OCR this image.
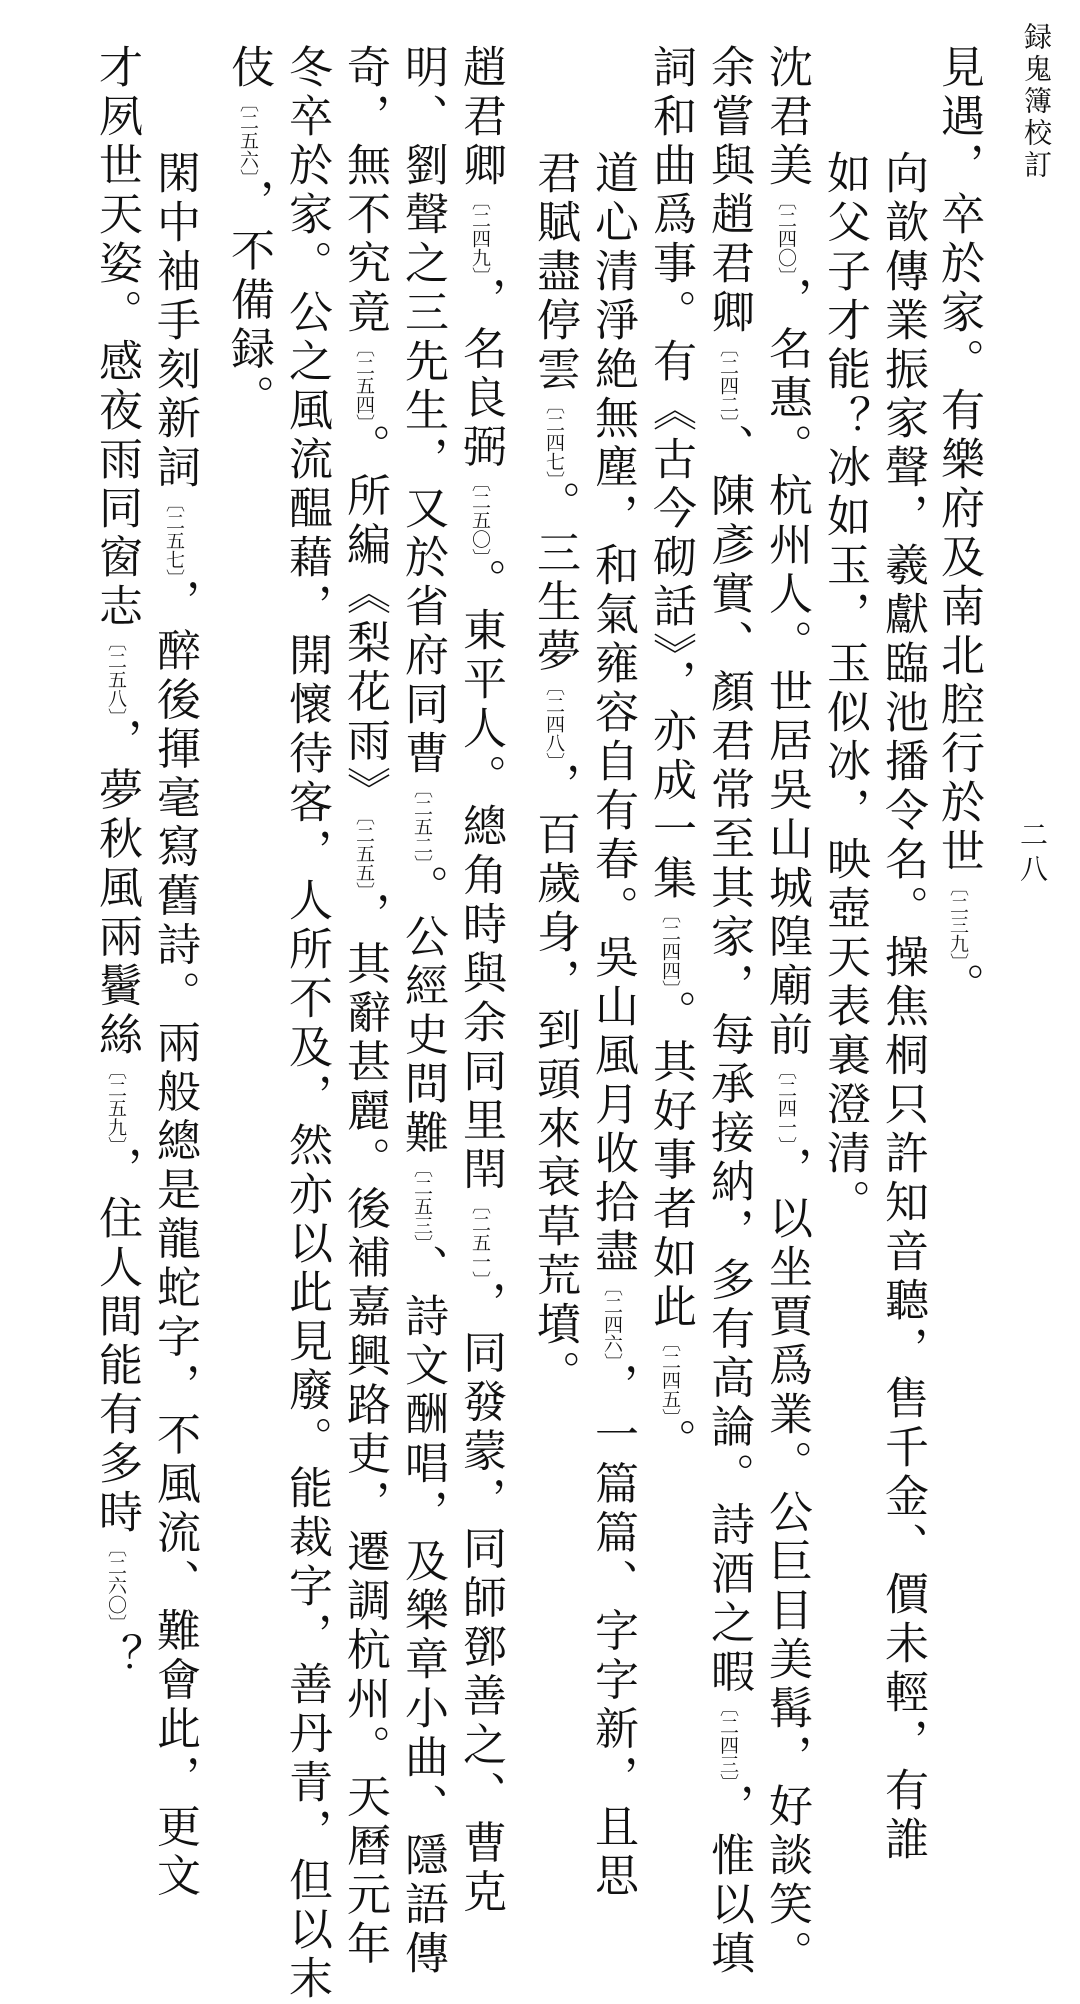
録鬼簿校訂
二八
見遇，卒於家。有樂府及南北腔行於世〔二三九〕。
向歆傳業振家聲，羲獻臨池播令名。操焦桐只許知音聽，售千金、價未輕，有誰
如父子才能？冰如玉，玉似冰，映壺天表裏澄清。
沈君美〔二四〇〕，名惠。杭州人。世居吳山城隍廟前〔二四一〕，以坐賈爲業。公巨目美髯，好談笑。
余嘗與趙君卿〔二四二〕、陳彥實、顏君常至其家，每承接納，多有高論。詩酒之暇〔二四三〕，惟以填
詞和曲爲事。有《古今砌話》，亦成一集〔二四四〕。其好事者如此〔二四五〕。
道心清淨絶無塵，和氣雍容自有春。吳山風月收拾盡〔二四六〕，一篇篇、字字新，且思
君賦盡停雲〔二四七〕。三生夢〔二四八〕，百歲身，到頭來衰草荒墳。
趙君卿〔二四九〕，名良弼〔二五〇〕。東平人。總角時與余同里閈〔二五一〕，同發蒙，同師鄧善之、曹克
明、劉聲之三先生，又於省府同曹〔二五二〕。公經史問難〔二五三〕、詩文酬唱，及樂章小曲、隱語傳
奇，無不究竟〔二五四〕。所編《梨花雨》〔二五五〕，其辭甚麗。後補嘉興路吏，遷調杭州。天曆元年
冬卒於家。公之風流醖藉，開懷待客，人所不及，然亦以此見廢。能裁字，善丹青，但以末
伎〔二五六〕，不備録。
閑中袖手刻新詞〔二五七〕，醉後揮毫寫舊詩。兩般總是龍蛇字，不風流、難會此，更文
才夙世天姿。感夜雨同窗志〔二五八〕，夢秋風兩鬢絲〔二五九〕，住人間能有多時〔二六〇〕？
